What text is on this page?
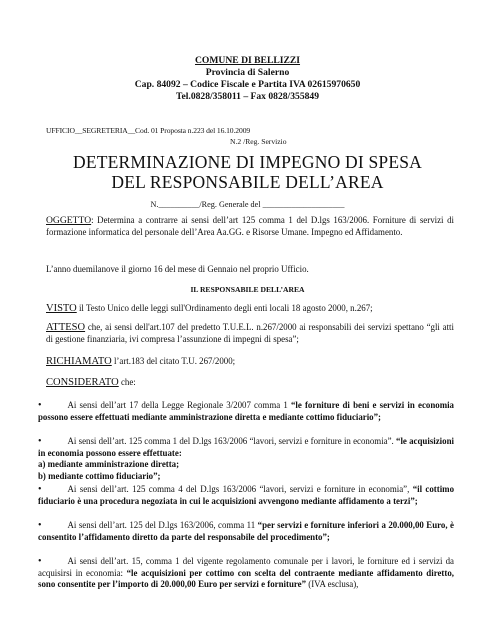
COMUNE DI BELLIZZI
Provincia di Salerno
Cap. 84092 – Codice Fiscale e Partita IVA 02615970650
Tel.0828/358011 – Fax 0828/355849
UFFICIO__SEGRETERIA__Cod. 01 Proposta n.223 del 16.10.2009
N.2 /Reg. Servizio
DETERMINAZIONE DI IMPEGNO DI SPESA
DEL RESPONSABILE DELL’AREA
N.__________/Reg. Generale del ____________________
OGGETTO: Determina a contrarre ai sensi dell’art 125 comma 1 del D.lgs 163/2006. Forniture di servizi di formazione informatica del personale dell’Area Aa.GG. e Risorse Umane. Impegno ed Affidamento.
L’anno duemilanove il giorno 16 del mese di Gennaio nel proprio Ufficio.
IL RESPONSABILE DELL’AREA
VISTO il Testo Unico delle leggi sull'Ordinamento degli enti locali 18 agosto 2000, n.267;
ATTESO che, ai sensi dell'art.107 del predetto T.U.E.L. n.267/2000 ai responsabili dei servizi spettano “gli atti di gestione finanziaria, ivi compresa l’assunzione di impegni di spesa”;
RICHIAMATO l’art.183 del citato T.U. 267/2000;
CONSIDERATO che:
•	Ai sensi dell’art 17 della Legge Regionale 3/2007 comma 1 “le forniture di beni e servizi in economia possono essere effettuati mediante amministrazione diretta e mediante cottimo fiduciario”;
•	Ai sensi dell’art. 125 comma 1 del D.lgs 163/2006 “lavori, servizi e forniture in economia”. “le acquisizioni in economia possono essere effettuate:
a) mediante amministrazione diretta;
b) mediante cottimo fiduciario”;
•	Ai sensi dell’art. 125 comma 4 del D.lgs 163/2006 “lavori, servizi e forniture in economia”, “il cottimo fiduciario è una procedura negoziata in cui le acquisizioni avvengono mediante affidamento a terzi”;
•	Ai sensi dell’art. 125 del D.lgs 163/2006, comma 11 “per servizi e forniture inferiori a 20.000,00 Euro, è consentito l’affidamento diretto da parte del responsabile del procedimento”;
•	Ai sensi dell’art. 15, comma 1 del vigente regolamento comunale per i lavori, le forniture ed i servizi da acquisirsi in economia: “le acquisizioni per cottimo con scelta del contraente mediante affidamento diretto, sono consentite per l’importo di 20.000,00 Euro per servizi e forniture” (IVA esclusa),
